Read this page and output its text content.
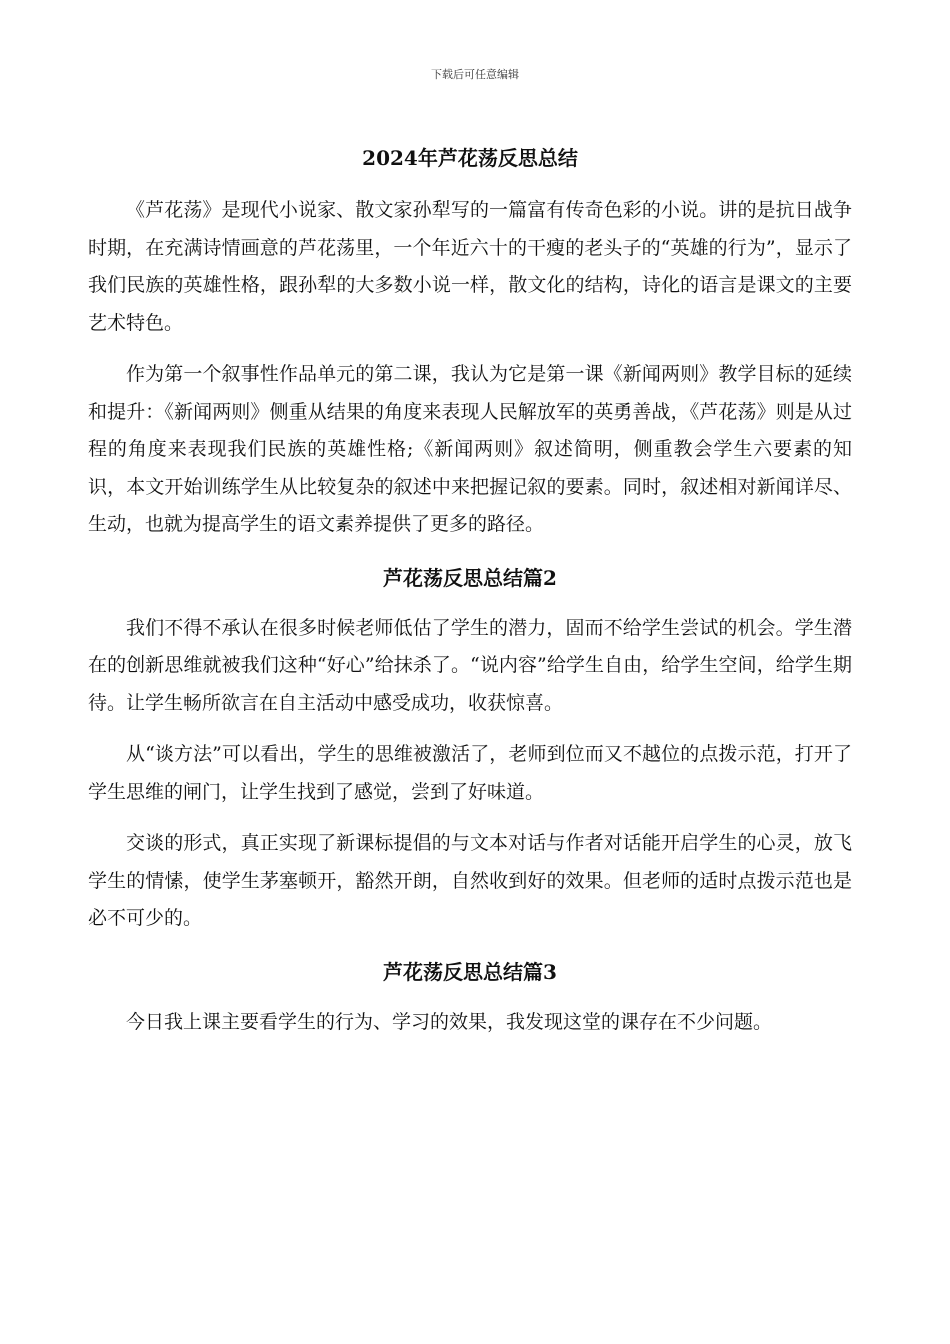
下载后可任意编辑
2024年芦花荡反思总结

《芦花荡》是现代小说家、散文家孙犁写的一篇富有传奇色彩的小说。讲的是抗日战争时期，在充满诗情画意的芦花荡里，一个年近六十的干瘦的老头子的“英雄的行为”，显示了我们民族的英雄性格，跟孙犁的大多数小说一样，散文化的结构，诗化的语言是课文的主要艺术特色。

作为第一个叙事性作品单元的第二课，我认为它是第一课《新闻两则》教学目标的延续和提升：《新闻两则》侧重从结果的角度来表现人民解放军的英勇善战，《芦花荡》则是从过程的角度来表现我们民族的英雄性格;《新闻两则》叙述简明，侧重教会学生六要素的知识，本文开始训练学生从比较复杂的叙述中来把握记叙的要素。同时，叙述相对新闻详尽、生动，也就为提高学生的语文素养提供了更多的路径。

芦花荡反思总结篇2

我们不得不承认在很多时候老师低估了学生的潜力，固而不给学生尝试的机会。学生潜在的创新思维就被我们这种“好心”给抹杀了。“说内容”给学生自由，给学生空间，给学生期待。让学生畅所欲言在自主活动中感受成功，收获惊喜。

从“谈方法”可以看出，学生的思维被激活了，老师到位而又不越位的点拨示范，打开了学生思维的闸门，让学生找到了感觉，尝到了好味道。

交谈的形式，真正实现了新课标提倡的与文本对话与作者对话能开启学生的心灵，放飞学生的情愫，使学生茅塞顿开，豁然开朗，自然收到好的效果。但老师的适时点拨示范也是必不可少的。

芦花荡反思总结篇3

今日我上课主要看学生的行为、学习的效果，我发现这堂的课存在不少问题。
